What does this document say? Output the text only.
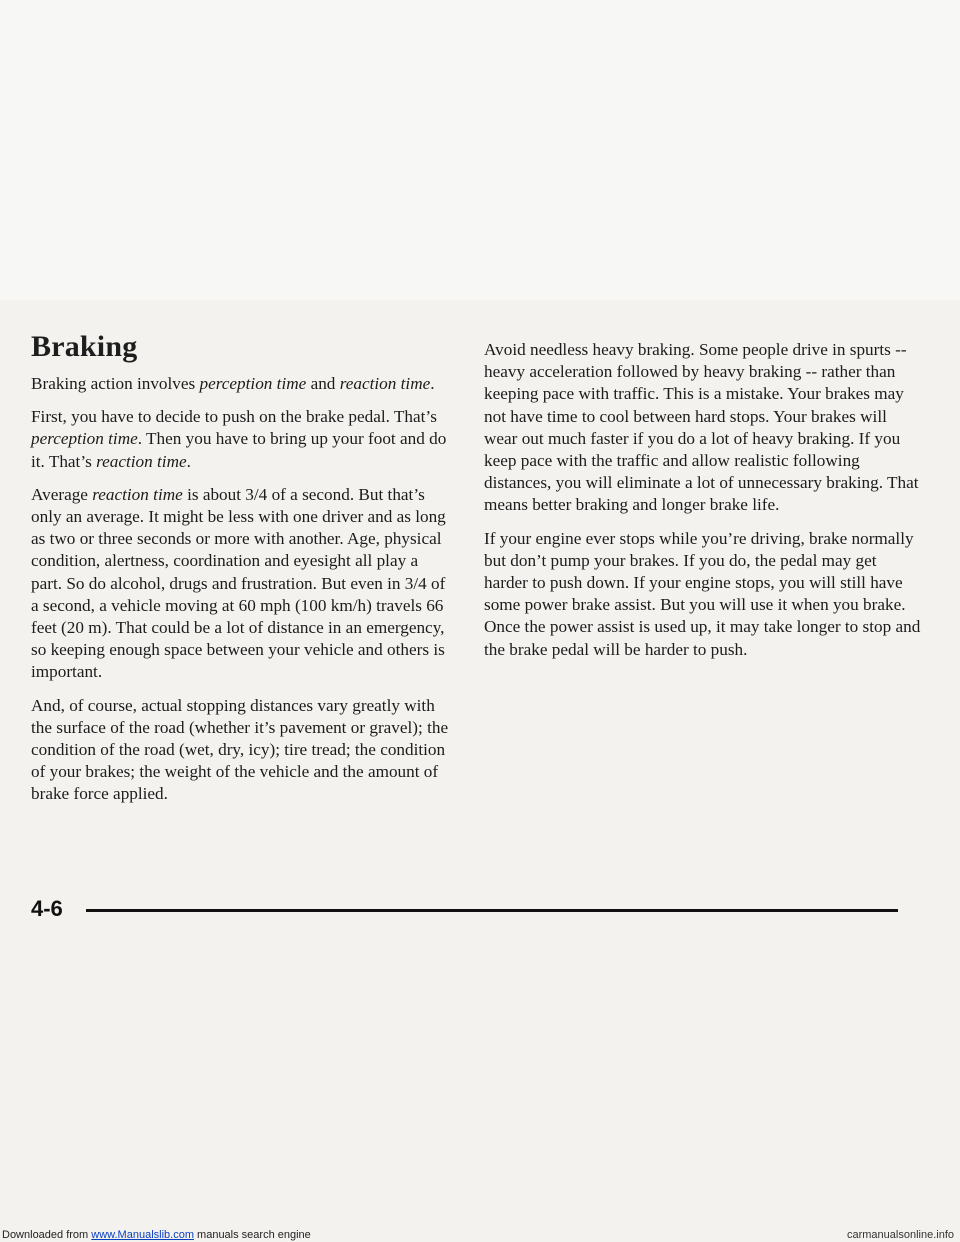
Braking

Braking action involves perception time and reaction time.

First, you have to decide to push on the brake pedal. That’s perception time. Then you have to bring up your foot and do it. That’s reaction time.

Average reaction time is about 3/4 of a second. But that’s only an average. It might be less with one driver and as long as two or three seconds or more with another. Age, physical condition, alertness, coordination and eyesight all play a part. So do alcohol, drugs and frustration. But even in 3/4 of a second, a vehicle moving at 60 mph (100 km/h) travels 66 feet (20 m). That could be a lot of distance in an emergency, so keeping enough space between your vehicle and others is important.

And, of course, actual stopping distances vary greatly with the surface of the road (whether it’s pavement or gravel); the condition of the road (wet, dry, icy); tire tread; the condition of your brakes; the weight of the vehicle and the amount of brake force applied.

Avoid needless heavy braking. Some people drive in spurts -- heavy acceleration followed by heavy braking -- rather than keeping pace with traffic. This is a mistake. Your brakes may not have time to cool between hard stops. Your brakes will wear out much faster if you do a lot of heavy braking. If you keep pace with the traffic and allow realistic following distances, you will eliminate a lot of unnecessary braking. That means better braking and longer brake life.

If your engine ever stops while you’re driving, brake normally but don’t pump your brakes. If you do, the pedal may get harder to push down. If your engine stops, you will still have some power brake assist. But you will use it when you brake. Once the power assist is used up, it may take longer to stop and the brake pedal will be harder to push.

4-6
Downloaded from www.Manualslib.com manuals search engine	carmanualsonline.info
